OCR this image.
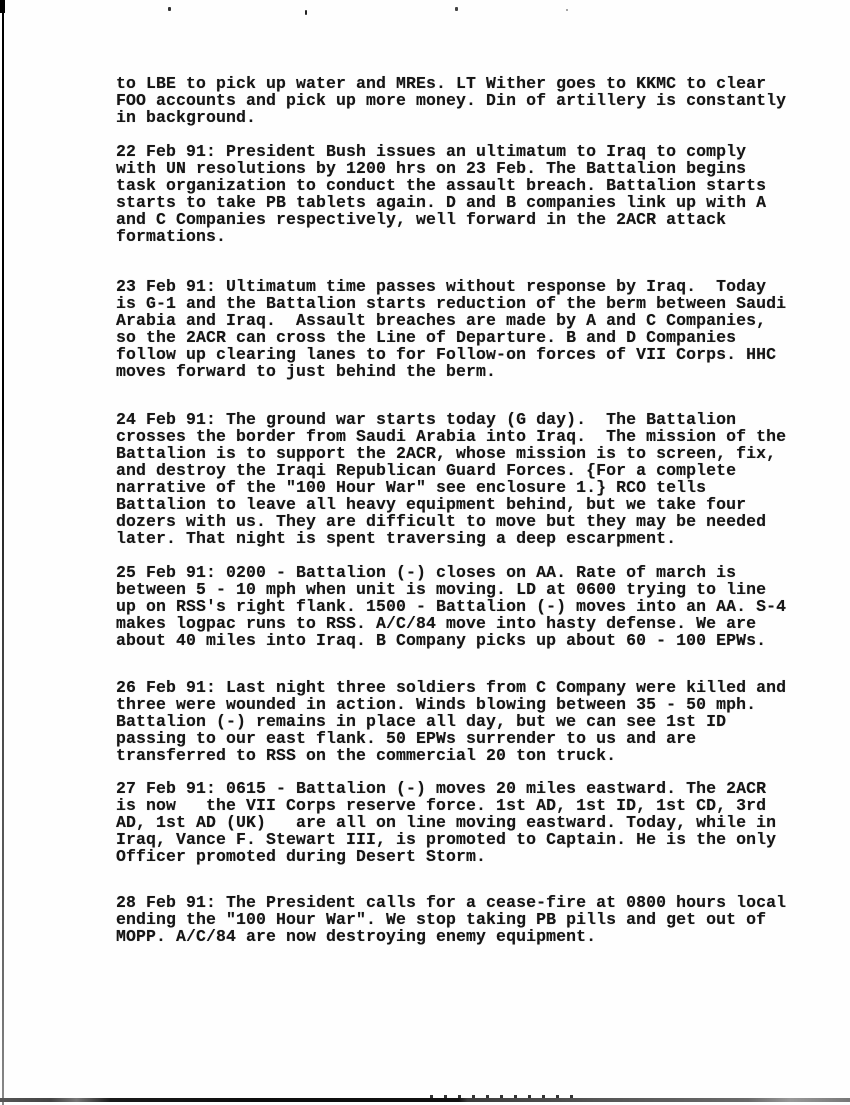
to LBE to pick up water and MREs. LT Wither goes to KKMC to clear
FOO accounts and pick up more money. Din of artillery is constantly
in background.
22 Feb 91: President Bush issues an ultimatum to Iraq to comply
with UN resolutions by 1200 hrs on 23 Feb. The Battalion begins
task organization to conduct the assault breach. Battalion starts
starts to take PB tablets again. D and B companies link up with A
and C Companies respectively, well forward in the 2ACR attack
formations.
23 Feb 91: Ultimatum time passes without response by Iraq.  Today
is G-1 and the Battalion starts reduction of the berm between Saudi
Arabia and Iraq.  Assault breaches are made by A and C Companies,
so the 2ACR can cross the Line of Departure. B and D Companies
follow up clearing lanes to for Follow-on forces of VII Corps. HHC
moves forward to just behind the berm.
24 Feb 91: The ground war starts today (G day).  The Battalion
crosses the border from Saudi Arabia into Iraq.  The mission of the
Battalion is to support the 2ACR, whose mission is to screen, fix,
and destroy the Iraqi Republican Guard Forces. {For a complete
narrative of the "100 Hour War" see enclosure 1.} RCO tells
Battalion to leave all heavy equipment behind, but we take four
dozers with us. They are difficult to move but they may be needed
later. That night is spent traversing a deep escarpment.
25 Feb 91: 0200 - Battalion (-) closes on AA. Rate of march is
between 5 - 10 mph when unit is moving. LD at 0600 trying to line
up on RSS's right flank. 1500 - Battalion (-) moves into an AA. S-4
makes logpac runs to RSS. A/C/84 move into hasty defense. We are
about 40 miles into Iraq. B Company picks up about 60 - 100 EPWs.
26 Feb 91: Last night three soldiers from C Company were killed and
three were wounded in action. Winds blowing between 35 - 50 mph.
Battalion (-) remains in place all day, but we can see 1st ID
passing to our east flank. 50 EPWs surrender to us and are
transferred to RSS on the commercial 20 ton truck.
27 Feb 91: 0615 - Battalion (-) moves 20 miles eastward. The 2ACR
is now   the VII Corps reserve force. 1st AD, 1st ID, 1st CD, 3rd
AD, 1st AD (UK)   are all on line moving eastward. Today, while in
Iraq, Vance F. Stewart III, is promoted to Captain. He is the only
Officer promoted during Desert Storm.
28 Feb 91: The President calls for a cease-fire at 0800 hours local
ending the "100 Hour War". We stop taking PB pills and get out of
MOPP. A/C/84 are now destroying enemy equipment.
